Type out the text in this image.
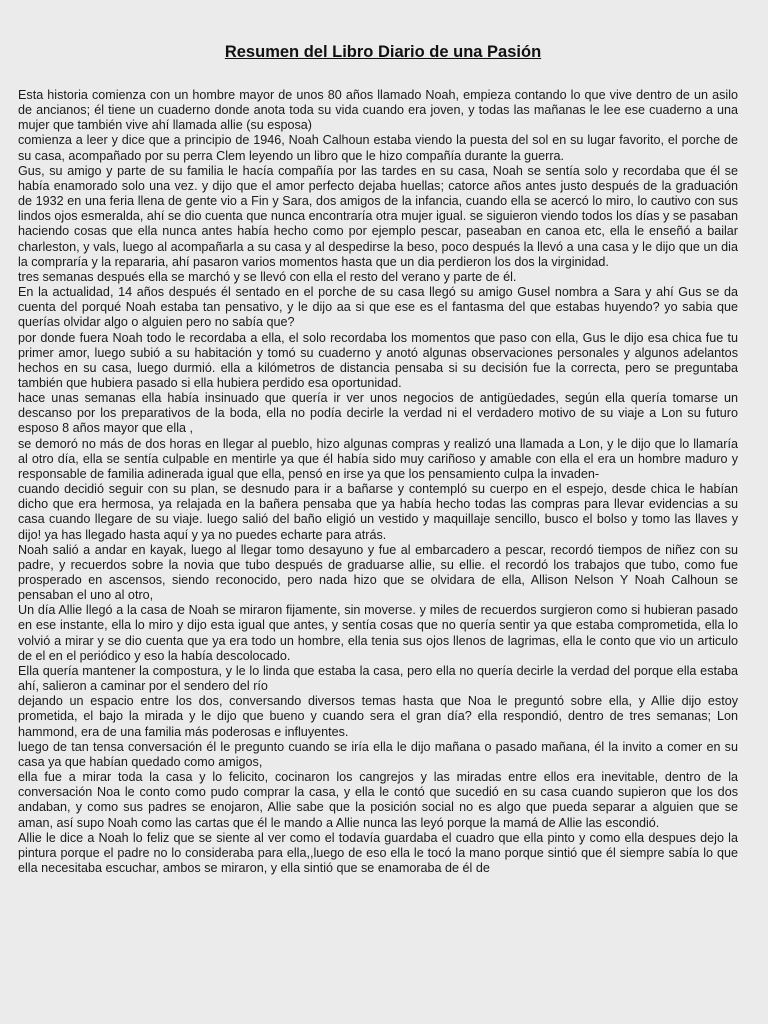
Resumen del Libro Diario de una Pasión

Esta historia comienza con un hombre mayor de unos 80 años llamado Noah, empieza contando lo que vive dentro de un asilo de ancianos; él tiene un cuaderno donde anota toda su vida cuando era joven, y todas las mañanas le lee ese cuaderno a una mujer que también vive ahí llamada allie (su esposa)

comienza a leer y dice que a principio de 1946, Noah Calhoun estaba viendo la puesta del sol en su lugar favorito, el porche de su casa, acompañado por su perra Clem leyendo un libro que le hizo compañía durante la guerra.

Gus, su amigo y parte de su familia le hacía compañía por las tardes en su casa, Noah se sentía solo y recordaba que él se había enamorado solo una vez. y dijo que el amor perfecto dejaba huellas; catorce años antes justo después de la graduación de 1932 en una feria llena de gente vio a Fin y Sara, dos amigos de la infancia, cuando ella se acercó lo miro, lo cautivo con sus lindos ojos esmeralda, ahí se dio cuenta que nunca encontraría otra mujer igual. se siguieron viendo todos los días y se pasaban haciendo cosas que ella nunca antes había hecho como por ejemplo pescar, paseaban en canoa etc, ella le enseñó a bailar charleston, y vals, luego al acompañarla a su casa y al despedirse la beso, poco después la llevó a una casa y le dijo que un dia la compraría y la repararia, ahí pasaron varios momentos hasta que un dia perdieron los dos la virginidad.

tres semanas después ella se marchó y se llevó con ella el resto del verano y parte de él.

En la actualidad, 14 años después él sentado en el porche de su casa llegó su amigo Gusel nombra a Sara y ahí Gus se da cuenta del porqué Noah estaba tan pensativo, y le dijo aa si que ese es el fantasma del que estabas huyendo? yo sabia que querías olvidar algo o alguien pero no sabía que?

por donde fuera Noah todo le recordaba a ella, el solo recordaba los momentos que paso con ella, Gus le dijo esa chica fue tu primer amor, luego subió a su habitación y tomó su cuaderno y anotó algunas observaciones personales y algunos adelantos hechos en su casa, luego durmió. ella a kilómetros de distancia pensaba si su decisión fue la correcta, pero se preguntaba también que hubiera pasado si ella hubiera perdido esa oportunidad.

hace unas semanas ella había insinuado que quería ir ver unos negocios de antigüedades, según ella quería tomarse un descanso por los preparativos de la boda, ella no podía decirle la verdad ni el verdadero motivo de su viaje a Lon su futuro esposo 8 años mayor que ella ,

se demoró no más de dos horas en llegar al pueblo, hizo algunas compras y realizó una llamada a Lon, y le dijo que lo llamaría al otro día, ella se sentía culpable en mentirle ya que él había sido muy cariñoso y amable con ella el era un hombre maduro y responsable de familia adinerada igual que ella, pensó en irse ya que los pensamiento culpa la invaden-

cuando decidió seguir con su plan, se desnudo para ir a bañarse y contempló su cuerpo en el espejo, desde chica le habían dicho que era hermosa, ya relajada en la bañera pensaba que ya había hecho todas las compras para llevar evidencias a su casa cuando llegare de su viaje. luego salió del baño eligió un vestido y maquillaje sencillo, busco el bolso y tomo las llaves y dijo! ya has llegado hasta aquí y ya no puedes echarte para atrás.

Noah salió a andar en kayak, luego al llegar tomo desayuno y fue al embarcadero a pescar, recordó tiempos de niñez con su padre, y recuerdos sobre la novia que tubo después de graduarse allie, su ellie. el recordó los trabajos que tubo, como fue prosperado en ascensos, siendo reconocido, pero nada hizo que se olvidara de ella, Allison Nelson Y Noah Calhoun se pensaban el uno al otro,

Un día Allie llegó a la casa de Noah se miraron fijamente, sin moverse. y miles de recuerdos surgieron como si hubieran pasado en ese instante, ella lo miro y dijo esta igual que antes, y sentía cosas que no quería sentir ya que estaba comprometida, ella lo volvió a mirar y se dio cuenta que ya era todo un hombre, ella tenia sus ojos llenos de lagrimas, ella le conto que vio un articulo de el en el periódico y eso la había descolocado.

Ella quería mantener la compostura, y le lo linda que estaba la casa, pero ella no quería decirle la verdad del porque ella estaba ahí, salieron a caminar por el sendero del río

dejando un espacio entre los dos, conversando diversos temas hasta que Noa le preguntó sobre ella, y Allie dijo estoy prometida, el bajo la mirada y le dijo que bueno y cuando sera el gran día? ella respondió, dentro de tres semanas; Lon hammond, era de una familia más poderosas e influyentes.

luego de tan tensa conversación él le pregunto cuando se iría ella le dijo mañana o pasado mañana, él la invito a comer en su casa ya que habían quedado como amigos,

ella fue a mirar toda la casa y lo felicito, cocinaron los cangrejos y las miradas entre ellos era inevitable, dentro de la conversación Noa le conto como pudo comprar la casa, y ella le contó que sucedió en su casa cuando supieron que los dos andaban, y como sus padres se enojaron, Allie sabe que la posición social no es algo que pueda separar a alguien que se aman, así supo Noah como las cartas que él le mando a Allie nunca las leyó porque la mamá de Allie las escondió.

Allie le dice a Noah lo feliz que se siente al ver como el todavía guardaba el cuadro que ella pinto y como ella despues dejo la pintura porque el padre no lo consideraba para ella,,luego de eso ella le tocó la mano porque sintió que él siempre sabía lo que ella necesitaba escuchar, ambos se miraron, y ella sintió que se enamoraba de él de
